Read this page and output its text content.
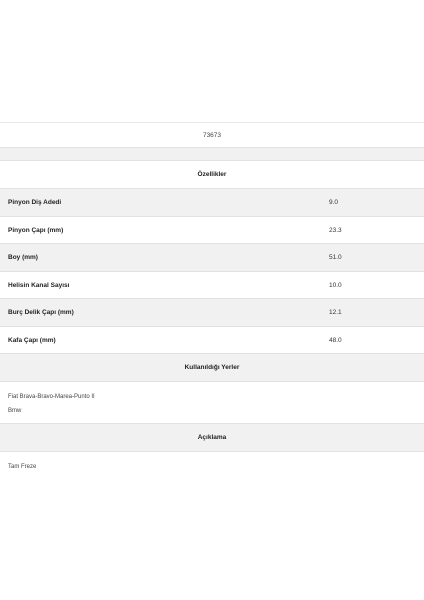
73673
Özellikler
Pinyon Diş Adedi	9.0
Pinyon Çapı (mm)	23.3
Boy (mm)	51.0
Helisin Kanal Sayısı	10.0
Burç Delik Çapı (mm)	12.1
Kafa Çapı (mm)	48.0
Kullanıldığı Yerler
Fiat Brava-Bravo-Marea-Punto II
Bmw
Açıklama
Tam Freze
